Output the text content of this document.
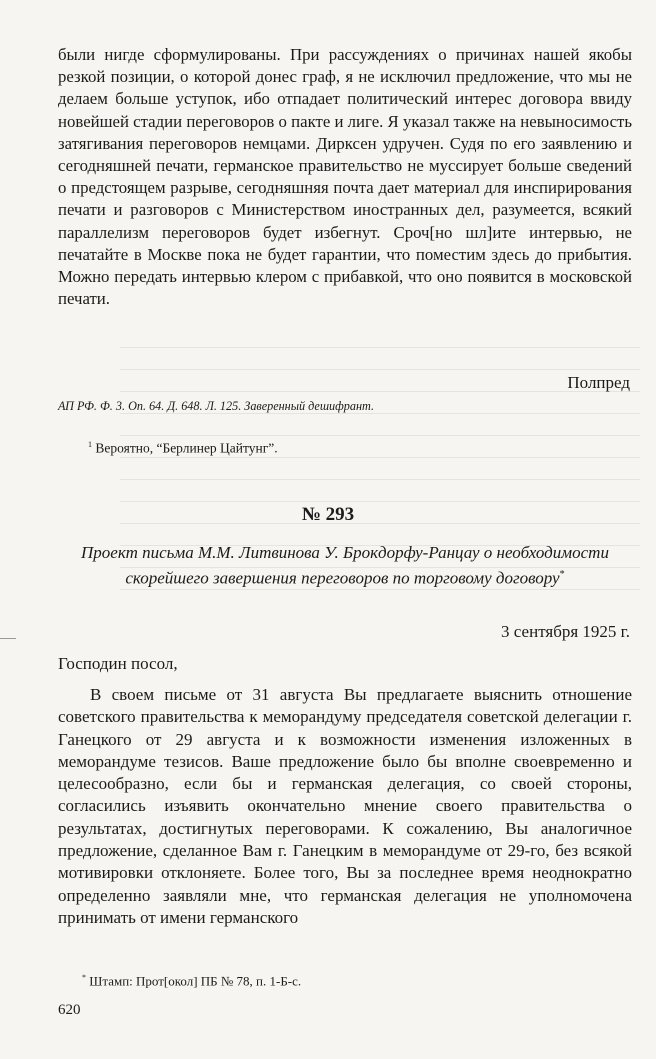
были нигде сформулированы. При рассуждениях о причинах нашей якобы резкой позиции, о которой донес граф, я не исключил предложение, что мы не делаем больше уступок, ибо отпадает политический интерес договора ввиду новейшей стадии переговоров о пакте и лиге. Я указал также на невыносимость затягивания переговоров немцами. Дирксен удручен. Судя по его заявлению и сегодняшней печати, германское правительство не муссирует больше сведений о предстоящем разрыве, сегодняшняя почта дает материал для инспирирования печати и разговоров с Министерством иностранных дел, разумеется, всякий параллелизм переговоров будет избегнут. Сроч[но шл]ите интервью, не печатайте в Москве пока не будет гарантии, что поместим здесь до прибытия. Можно передать интервью клером с прибавкой, что оно появится в московской печати.

Полпред
АП РФ. Ф. 3. Оп. 64. Д. 648. Л. 125. Заверенный дешифрант.
$^1$ Вероятно, “Берлинер Цайтунг”.
№ 293
Проект письма М.М. Литвинова У. Брокдорфу-Ранцау о необходимости скорейшего завершения переговоров по торговому договору*
3 сентября 1925 г.
Господин посол,

В своем письме от 31 августа Вы предлагаете выяснить отношение советского правительства к меморандуму председателя советской делегации г. Ганецкого от 29 августа и к возможности изменения изложенных в меморандуме тезисов. Ваше предложение было бы вполне своевременно и целесообразно, если бы и германская делегация, со своей стороны, согласились изъявить окончательно мнение своего правительства о результатах, достигнутых переговорами. К сожалению, Вы аналогичное предложение, сделанное Вам г. Ганецким в меморандуме от 29-го, без всякой мотивировки отклоняете. Более того, Вы за последнее время неоднократно определенно заявляли мне, что германская делегация не уполномочена принимать от имени германского

* Штамп: Прот[окол] ПБ № 78, п. 1-Б-с.
620
